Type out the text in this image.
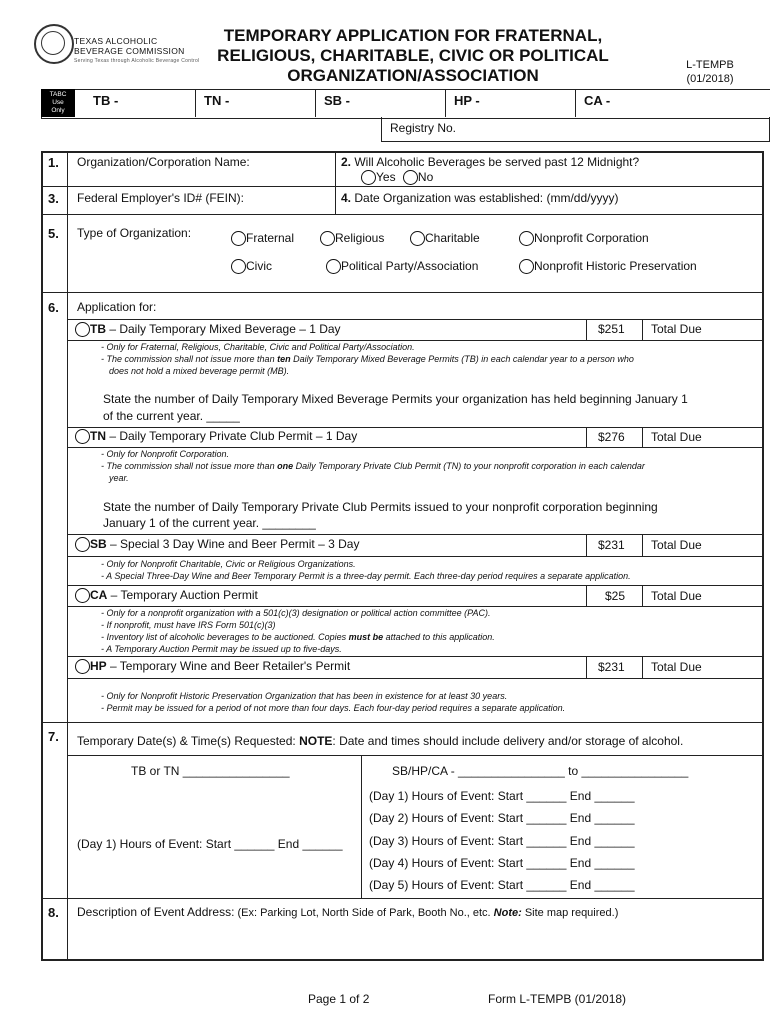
TEXAS ALCOHOLIC
BEVERAGE COMMISSION
Serving Texas through Alcoholic Beverage Control
TEMPORARY APPLICATION FOR FRATERNAL,
RELIGIOUS, CHARITABLE, CIVIC OR POLITICAL
ORGANIZATION/ASSOCIATION
L-TEMPB
(01/2018)
TABC
Use
Only
TB -	TN -	SB -	HP -	CA -
Registry No.
1. Organization/Corporation Name:	2. Will Alcoholic Beverages be served past 12 Midnight?
Yes No
3. Federal Employer's ID# (FEIN):	4. Date Organization was established: (mm/dd/yyyy)
5. Type of Organization:	Fraternal	Religious	Charitable	Nonprofit Corporation
Civic	Political Party/Association	Nonprofit Historic Preservation
6. Application for:
TB – Daily Temporary Mixed Beverage – 1 Day	$251 Total Due
- Only for Fraternal, Religious, Charitable, Civic and Political Party/Association.
- The commission shall not issue more than ten Daily Temporary Mixed Beverage Permits (TB) in each calendar year to a person who
does not hold a mixed beverage permit (MB).
State the number of Daily Temporary Mixed Beverage Permits your organization has held beginning January 1
of the current year. _____
TN – Daily Temporary Private Club Permit – 1 Day	$276 Total Due
- Only for Nonprofit Corporation.
- The commission shall not issue more than one Daily Temporary Private Club Permit (TN) to your nonprofit corporation in each calendar
year.
State the number of Daily Temporary Private Club Permits issued to your nonprofit corporation beginning
January 1 of the current year. ________
SB – Special 3 Day Wine and Beer Permit – 3 Day	$231 Total Due
- Only for Nonprofit Charitable, Civic or Religious Organizations.
- A Special Three-Day Wine and Beer Temporary Permit is a three-day permit. Each three-day period requires a separate application.
CA – Temporary Auction Permit	$25 Total Due
- Only for a nonprofit organization with a 501(c)(3) designation or political action committee (PAC).
- If nonprofit, must have IRS Form 501(c)(3)
- Inventory list of alcoholic beverages to be auctioned. Copies must be attached to this application.
- A Temporary Auction Permit may be issued up to five-days.
HP – Temporary Wine and Beer Retailer's Permit	$231 Total Due
- Only for Nonprofit Historic Preservation Organization that has been in existence for at least 30 years.
- Permit may be issued for a period of not more than four days. Each four-day period requires a separate application.
7. Temporary Date(s) & Time(s) Requested: NOTE: Date and times should include delivery and/or storage of alcohol.
TB or TN ________________	SB/HP/CA - ________________ to ________________
(Day 1) Hours of Event: Start ______ End ______
(Day 1) Hours of Event: Start ______ End ______
(Day 2) Hours of Event: Start ______ End ______
(Day 3) Hours of Event: Start ______ End ______
(Day 4) Hours of Event: Start ______ End ______
(Day 5) Hours of Event: Start ______ End ______
8. Description of Event Address: (Ex: Parking Lot, North Side of Park, Booth No., etc. Note: Site map required.)
Page 1 of 2	Form L-TEMPB (01/2018)
